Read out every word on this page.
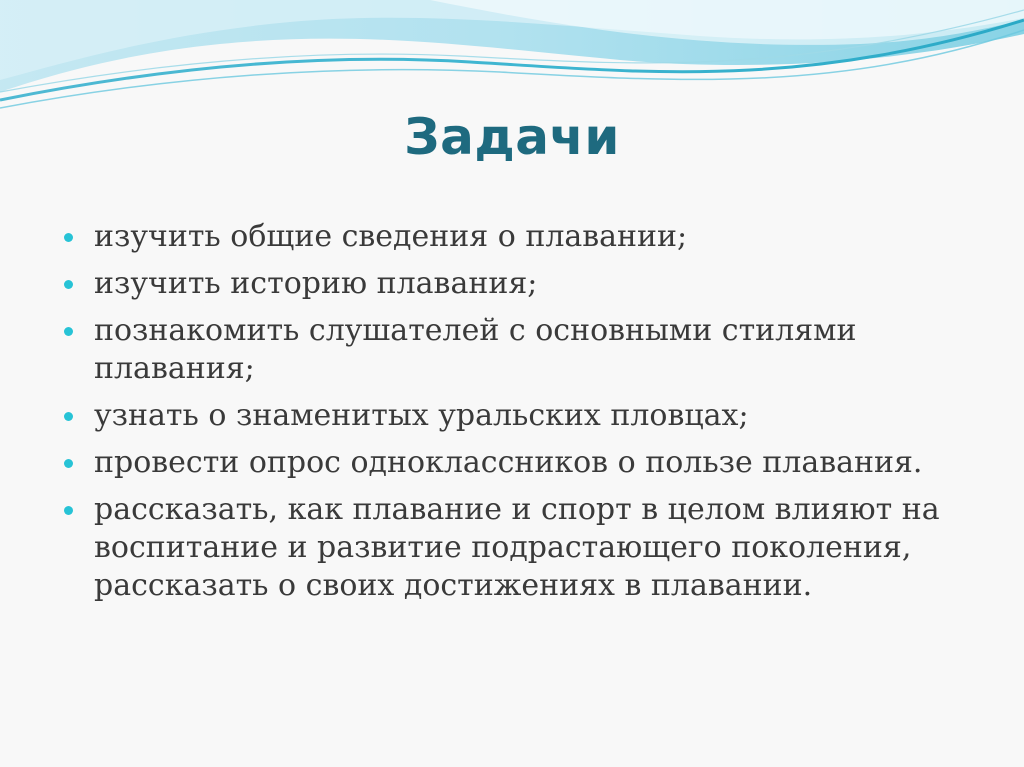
Задачи
изучить общие сведения о плавании;
изучить историю плавания;
познакомить слушателей с основными стилями плавания;
узнать о знаменитых уральских пловцах;
провести опрос одноклассников о пользе плавания.
рассказать, как плавание и спорт в целом влияют на воспитание и развитие подрастающего поколения, рассказать о своих достижениях в плавании.
